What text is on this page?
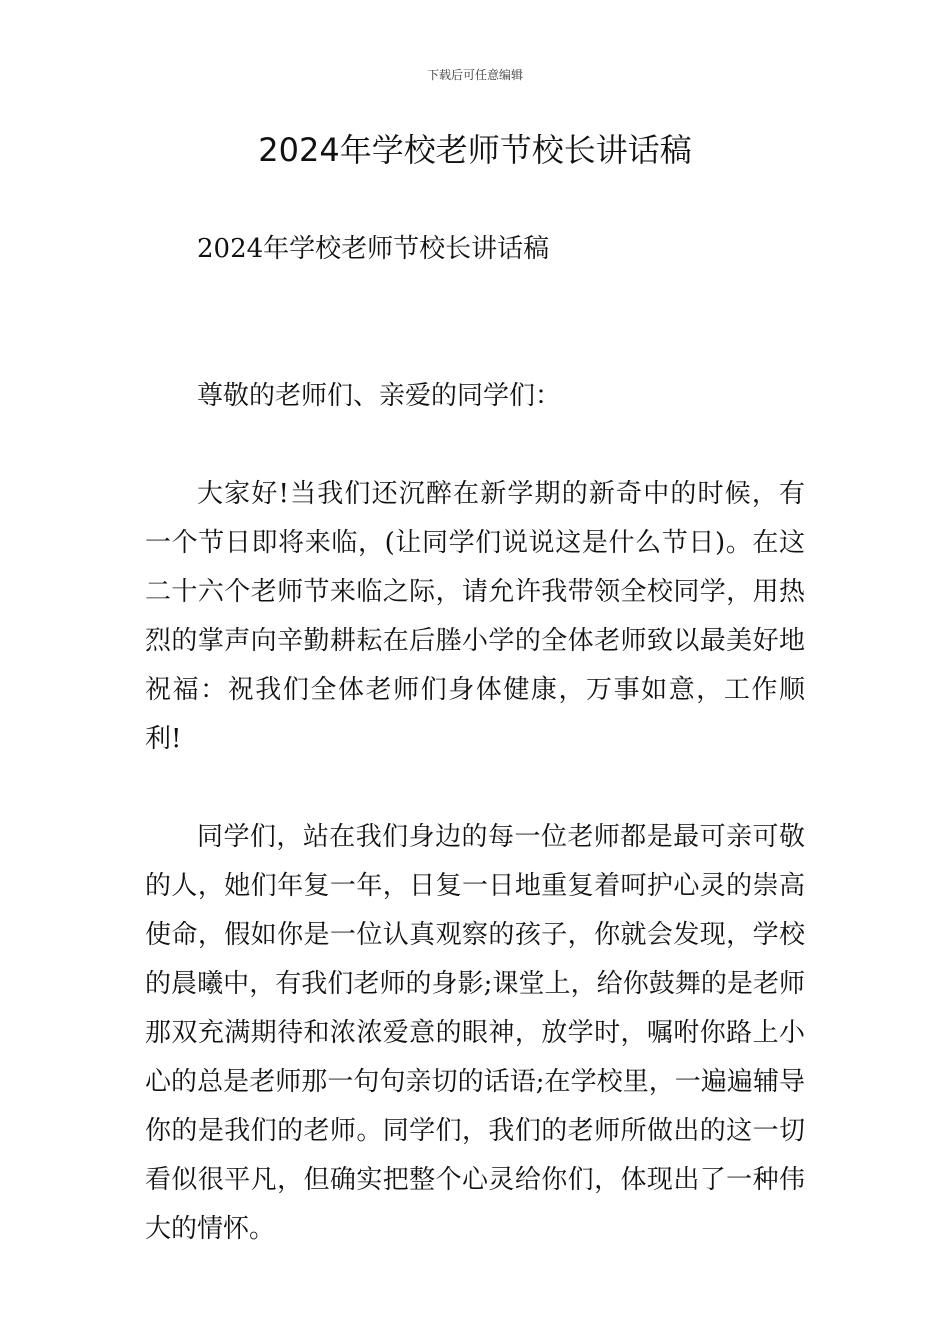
下载后可任意编辑
2024年学校老师节校长讲话稿

2024年学校老师节校长讲话稿

尊敬的老师们、亲爱的同学们：

大家好!当我们还沉醉在新学期的新奇中的时候，有一个节日即将来临，(让同学们说说这是什么节日)。在这二十六个老师节来临之际，请允许我带领全校同学，用热烈的掌声向辛勤耕耘在后塍小学的全体老师致以最美好地祝福：祝我们全体老师们身体健康，万事如意，工作顺利!

同学们，站在我们身边的每一位老师都是最可亲可敬的人，她们年复一年，日复一日地重复着呵护心灵的崇高使命，假如你是一位认真观察的孩子，你就会发现，学校的晨曦中，有我们老师的身影;课堂上，给你鼓舞的是老师那双充满期待和浓浓爱意的眼神，放学时，嘱咐你路上小心的总是老师那一句句亲切的话语;在学校里，一遍遍辅导你的是我们的老师。同学们，我们的老师所做出的这一切看似很平凡，但确实把整个心灵给你们，体现出了一种伟大的情怀。
